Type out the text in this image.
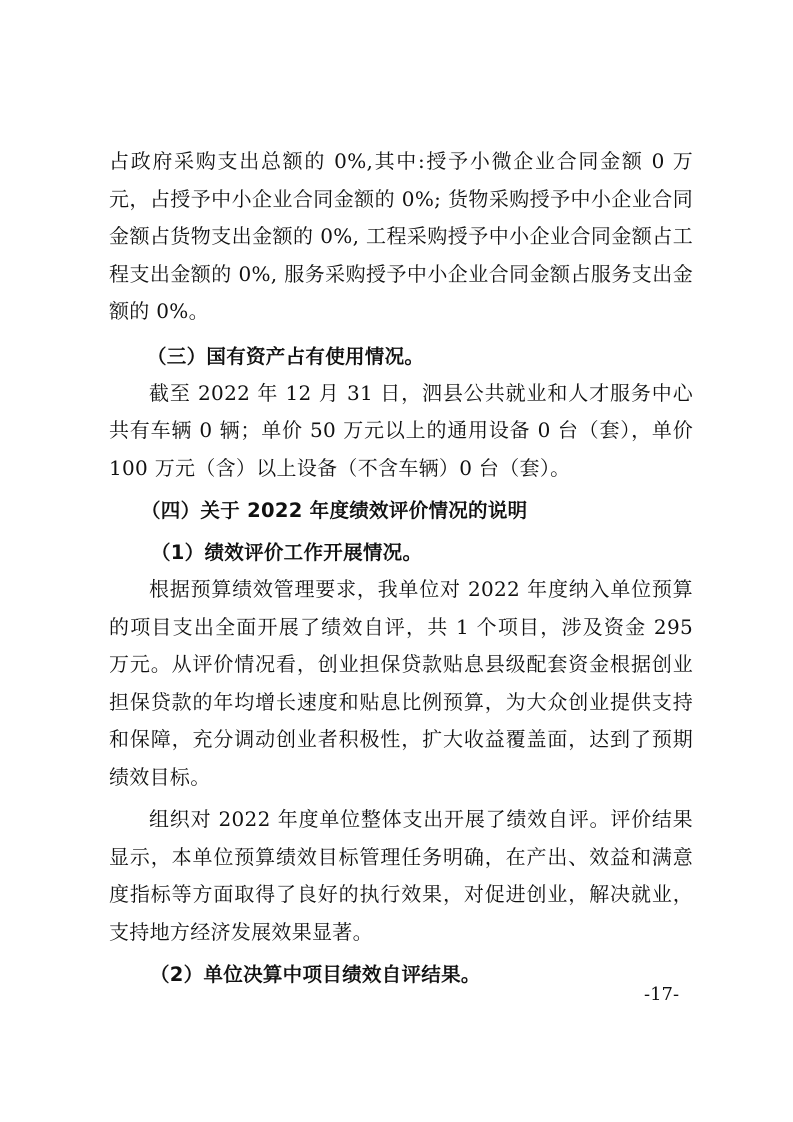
占政府采购支出总额的 0%,其中:授予小微企业合同金额 0 万元，占授予中小企业合同金额的 0%; 货物采购授予中小企业合同金额占货物支出金额的 0%, 工程采购授予中小企业合同金额占工程支出金额的 0%, 服务采购授予中小企业合同金额占服务支出金额的 0%。

（三）国有资产占有使用情况。

截至 2022 年 12 月 31 日，泗县公共就业和人才服务中心共有车辆 0 辆；单价 50 万元以上的通用设备 0 台（套），单价 100 万元（含）以上设备（不含车辆）0 台（套）。

（四）关于 2022 年度绩效评价情况的说明

（1）绩效评价工作开展情况。

根据预算绩效管理要求，我单位对 2022 年度纳入单位预算的项目支出全面开展了绩效自评，共 1 个项目，涉及资金 295 万元。从评价情况看，创业担保贷款贴息县级配套资金根据创业担保贷款的年均增长速度和贴息比例预算，为大众创业提供支持和保障，充分调动创业者积极性，扩大收益覆盖面，达到了预期绩效目标。

组织对 2022 年度单位整体支出开展了绩效自评。评价结果显示，本单位预算绩效目标管理任务明确，在产出、效益和满意度指标等方面取得了良好的执行效果，对促进创业，解决就业，支持地方经济发展效果显著。

（2）单位决算中项目绩效自评结果。

-17-
